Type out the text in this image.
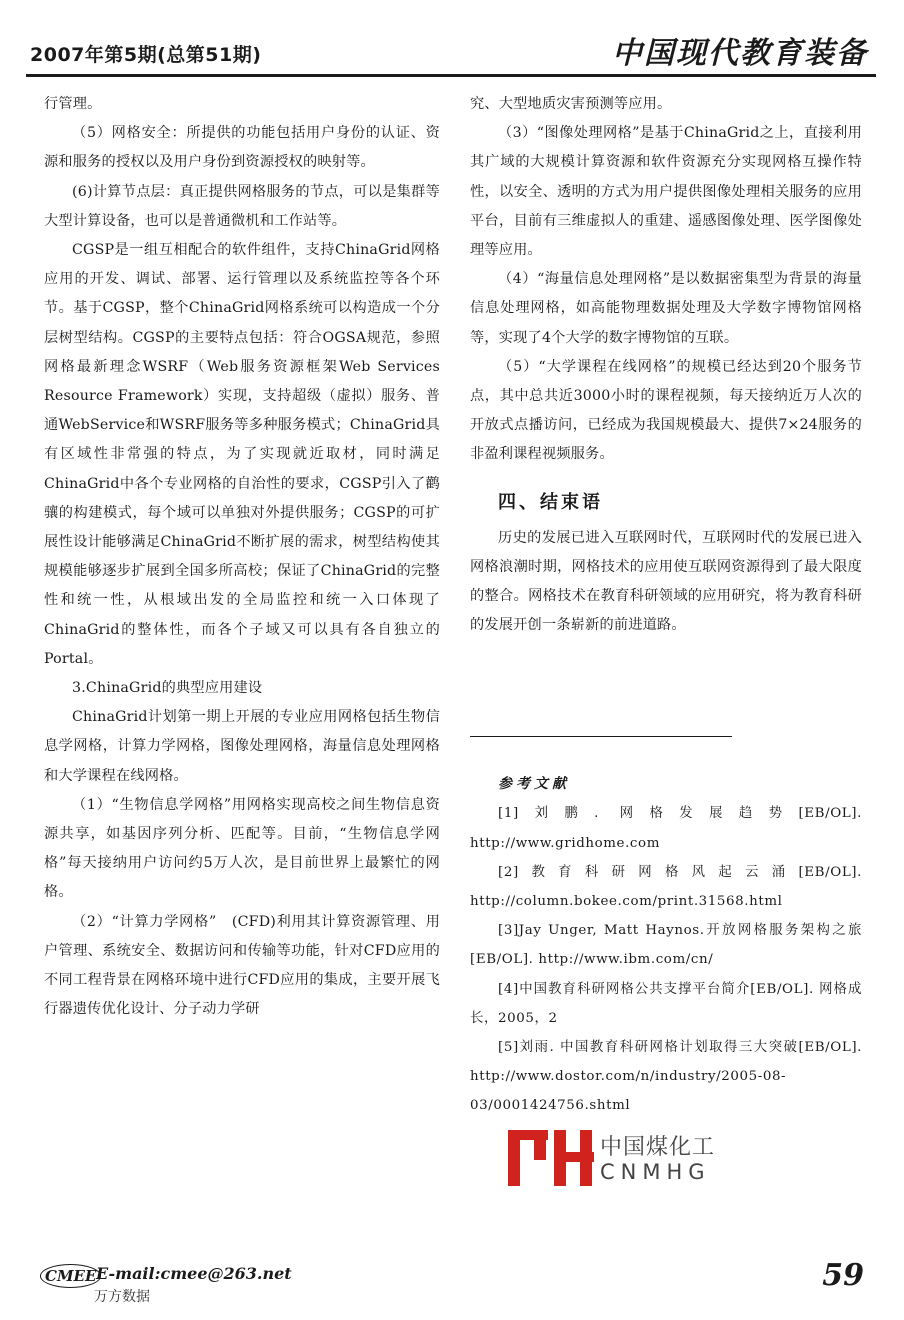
2007年第5期(总第51期)	中国现代教育装备

行管理。

（5）网格安全：所提供的功能包括用户身份的认证、资源和服务的授权以及用户身份到资源授权的映射等。

(6)计算节点层：真正提供网格服务的节点，可以是集群等大型计算设备，也可以是普通微机和工作站等。

CGSP是一组互相配合的软件组件，支持ChinaGrid网格应用的开发、调试、部署、运行管理以及系统监控等各个环节。基于CGSP，整个ChinaGrid网格系统可以构造成一个分层树型结构。CGSP的主要特点包括：符合OGSA规范，参照网格最新理念WSRF（Web服务资源框架Web Services Resource Framework）实现，支持超级（虚拟）服务、普通WebService和WSRF服务等多种服务模式；ChinaGrid具有区域性非常强的特点，为了实现就近取材，同时满足ChinaGrid中各个专业网格的自治性的要求，CGSP引入了鹳骧的构建模式，每个域可以单独对外提供服务；CGSP的可扩展性设计能够满足ChinaGrid不断扩展的需求，树型结构使其规模能够逐步扩展到全国多所高校；保证了ChinaGrid的完整性和统一性，从根域出发的全局监控和统一入口体现了ChinaGrid的整体性，而各个子域又可以具有各自独立的Portal。

3.ChinaGrid的典型应用建设

ChinaGrid计划第一期上开展的专业应用网格包括生物信息学网格，计算力学网格，图像处理网格，海量信息处理网格和大学课程在线网格。

（1）“生物信息学网格”用网格实现高校之间生物信息资源共享，如基因序列分析、匹配等。目前，“生物信息学网格”每天接纳用户访问约5万人次，是目前世界上最繁忙的网格。

（2）“计算力学网格”　(CFD)利用其计算资源管理、用户管理、系统安全、数据访问和传输等功能，针对CFD应用的不同工程背景在网格环境中进行CFD应用的集成，主要开展飞行器遗传优化设计、分子动力学研

究、大型地质灾害预测等应用。

（3）“图像处理网格”是基于ChinaGrid之上，直接利用其广域的大规模计算资源和软件资源充分实现网格互操作特性，以安全、透明的方式为用户提供图像处理相关服务的应用平台，目前有三维虚拟人的重建、遥感图像处理、医学图像处理等应用。

（4）“海量信息处理网格”是以数据密集型为背景的海量信息处理网格，如高能物理数据处理及大学数字博物馆网格等，实现了4个大学的数字博物馆的互联。

（5）“大学课程在线网格”的规模已经达到20个服务节点，其中总共近3000小时的课程视频，每天接纳近万人次的开放式点播访问，已经成为我国规模最大、提供7×24服务的非盈利课程视频服务。

四、结束语

历史的发展已进入互联网时代，互联网时代的发展已进入网格浪潮时期，网格技术的应用使互联网资源得到了最大限度的整合。网格技术在教育科研领域的应用研究，将为教育科研的发展开创一条崭新的前进道路。

参考文献

[1]刘鹏. 网格发展趋势[EB/OL]. http://www.gridhome.com

[2]教育科研网格风起云涌[EB/OL]. http://column.bokee.com/print.31568.html

[3]Jay Unger, Matt Haynos.开放网格服务架构之旅[EB/OL]. http://www.ibm.com/cn/

[4]中国教育科研网格公共支撑平台简介[EB/OL]. 网格成长，2005，2

[5]刘雨. 中国教育科研网格计划取得三大突破[EB/OL]. http://www.dostor.com/n/industry/2005-08-03/0001424756.shtml

中国煤化工
CNMHG
CMEE E-mail:cmee@263.net
万方数据
59
